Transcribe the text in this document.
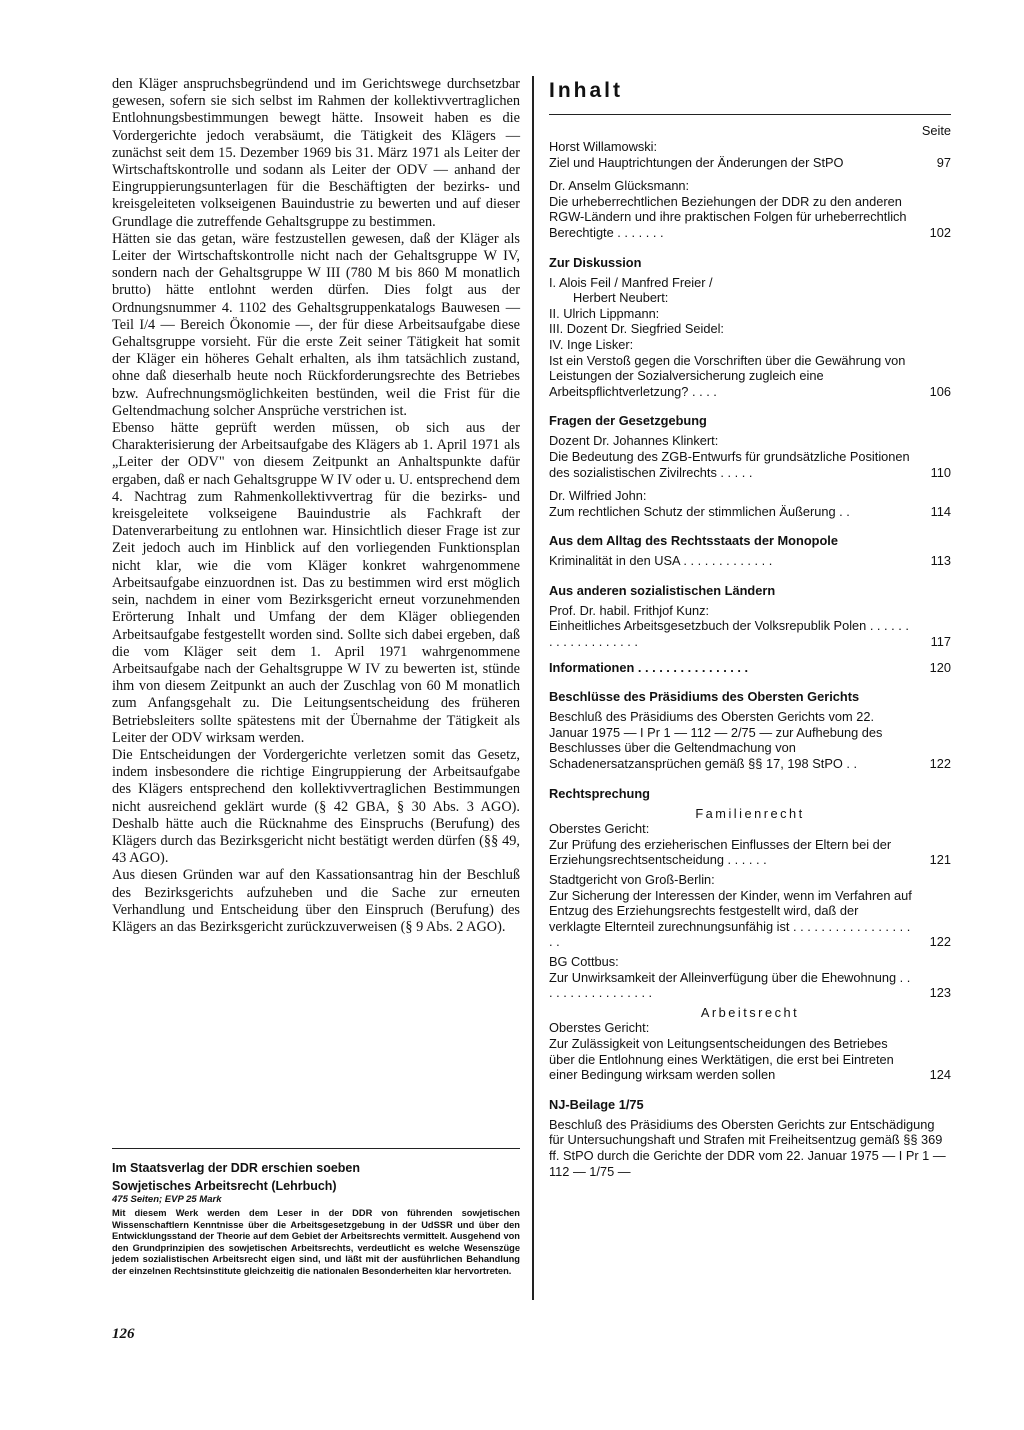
den Kläger anspruchsbegründend und im Gerichtswege durchsetzbar gewesen, sofern sie sich selbst im Rahmen der kollektivvertraglichen Entlohnungsbestimmungen bewegt hätte. Insoweit haben es die Vordergerichte jedoch verabsäumt, die Tätigkeit des Klägers — zunächst seit dem 15. Dezember 1969 bis 31. März 1971 als Leiter der Wirtschaftskontrolle und sodann als Leiter der ODV — anhand der Eingruppierungsunterlagen für die Beschäftigten der bezirks- und kreisgeleiteten volkseigenen Bauindustrie zu bewerten und auf dieser Grundlage die zutreffende Gehaltsgruppe zu bestimmen.

Hätten sie das getan, wäre festzustellen gewesen, daß der Kläger als Leiter der Wirtschaftskontrolle nicht nach der Gehaltsgruppe W IV, sondern nach der Gehaltsgruppe W III (780 M bis 860 M monatlich brutto) hätte entlohnt werden dürfen. Dies folgt aus der Ordnungsnummer 4. 1102 des Gehaltsgruppenkatalogs Bauwesen — Teil I/4 — Bereich Ökonomie —, der für diese Arbeitsaufgabe diese Gehaltsgruppe vorsieht. Für die erste Zeit seiner Tätigkeit hat somit der Kläger ein höheres Gehalt erhalten, als ihm tatsächlich zustand, ohne daß dieserhalb heute noch Rückforderungsrechte des Betriebes bzw. Aufrechnungsmöglichkeiten bestünden, weil die Frist für die Geltendmachung solcher Ansprüche verstrichen ist.

Ebenso hätte geprüft werden müssen, ob sich aus der Charakterisierung der Arbeitsaufgabe des Klägers ab 1. April 1971 als „Leiter der ODV" von diesem Zeitpunkt an Anhaltspunkte dafür ergaben, daß er nach Gehaltsgruppe W IV oder u. U. entsprechend dem 4. Nachtrag zum Rahmenkollektivvertrag für die bezirks- und kreisgeleitete volkseigene Bauindustrie als Fachkraft der Datenverarbeitung zu entlohnen war. Hinsichtlich dieser Frage ist zur Zeit jedoch auch im Hinblick auf den vorliegenden Funktionsplan nicht klar, wie die vom Kläger konkret wahrgenommene Arbeitsaufgabe einzuordnen ist. Das zu bestimmen wird erst möglich sein, nachdem in einer vom Bezirksgericht erneut vorzunehmenden Erörterung Inhalt und Umfang der dem Kläger obliegenden Arbeitsaufgabe festgestellt worden sind. Sollte sich dabei ergeben, daß die vom Kläger seit dem 1. April 1971 wahrgenommene Arbeitsaufgabe nach der Gehaltsgruppe W IV zu bewerten ist, stünde ihm von diesem Zeitpunkt an auch der Zuschlag von 60 M monatlich zum Anfangsgehalt zu. Die Leitungsentscheidung des früheren Betriebsleiters sollte spätestens mit der Übernahme der Tätigkeit als Leiter der ODV wirksam werden.

Die Entscheidungen der Vordergerichte verletzen somit das Gesetz, indem insbesondere die richtige Eingruppierung der Arbeitsaufgabe des Klägers entsprechend den kollektivvertraglichen Bestimmungen nicht ausreichend geklärt wurde (§ 42 GBA, § 30 Abs. 3 AGO). Deshalb hätte auch die Rücknahme des Einspruchs (Berufung) des Klägers durch das Bezirksgericht nicht bestätigt werden dürfen (§§ 49, 43 AGO).

Aus diesen Gründen war auf den Kassationsantrag hin der Beschluß des Bezirksgerichts aufzuheben und die Sache zur erneuten Verhandlung und Entscheidung über den Einspruch (Berufung) des Klägers an das Bezirksgericht zurückzuverweisen (§ 9 Abs. 2 AGO).

Im Staatsverlag der DDR erschien soeben

Sowjetisches Arbeitsrecht (Lehrbuch)

475 Seiten; EVP 25 Mark

Mit diesem Werk werden dem Leser in der DDR von führenden sowjetischen Wissenschaftlern Kenntnisse über die Arbeitsgesetzgebung in der UdSSR und über den Entwicklungsstand der Theorie auf dem Gebiet der Arbeitsrechts vermittelt. Ausgehend von den Grundprinzipien des sowjetischen Arbeitsrechts, verdeutlicht es welche Wesenszüge jedem sozialistischen Arbeitsrecht eigen sind, und läßt mit der ausführlichen Behandlung der einzelnen Rechtsinstitute gleichzeitig die nationalen Besonderheiten klar hervortreten.

126

Inhalt

Seite

Horst Willamowski:

Ziel und Hauptrichtungen der Änderungen der StPO	97

Dr. Anselm Glücksmann:

Die urheberrechtlichen Beziehungen der DDR zu den anderen RGW-Ländern und ihre praktischen Folgen für urheberrechtlich Berechtigte . . . . . . .	102

Zur Diskussion

I. Alois Feil / Manfred Freier /

Herbert Neubert:

II. Ulrich Lippmann:

III. Dozent Dr. Siegfried Seidel:

IV. Inge Lisker:

Ist ein Verstoß gegen die Vorschriften über die Gewährung von Leistungen der Sozialversicherung zugleich eine Arbeitspflichtverletzung? . . . .	106

Fragen der Gesetzgebung

Dozent Dr. Johannes Klinkert:

Die Bedeutung des ZGB-Entwurfs für grundsätzliche Positionen des sozialistischen Zivilrechts . . . . .	110

Dr. Wilfried John:

Zum rechtlichen Schutz der stimmlichen Äußerung . .	114

Aus dem Alltag des Rechtsstaats der Monopole

Kriminalität in den USA . . . . . . . . . . . . .	113

Aus anderen sozialistischen Ländern

Prof. Dr. habil. Frithjof Kunz:

Einheitliches Arbeitsgesetzbuch der Volksrepublik Polen . . . . . . . . . . . . . . . . . . .	117
Informationen . . . . . . . . . . . . . . . .	120

Beschlüsse des Präsidiums des Obersten Gerichts

Beschluß des Präsidiums des Obersten Gerichts vom 22. Januar 1975 — I Pr 1 — 112 — 2/75 — zur Aufhebung des Beschlusses über die Geltendmachung von Schadenersatzansprüchen gemäß §§ 17, 198 StPO . .	122

Rechtsprechung

Familienrecht

Oberstes Gericht:

Zur Prüfung des erzieherischen Einflusses der Eltern bei der Erziehungsrechtsentscheidung . . . . . .	121

Stadtgericht von Groß-Berlin:

Zur Sicherung der Interessen der Kinder, wenn im Verfahren auf Entzug des Erziehungsrechts festgestellt wird, daß der verklagte Elternteil zurechnungsunfähig ist . . . . . . . . . . . . . . . . . . .	122

BG Cottbus:

Zur Unwirksamkeit der Alleinverfügung über die Ehewohnung . . . . . . . . . . . . . . . . .	123

Arbeitsrecht

Oberstes Gericht:

Zur Zulässigkeit von Leitungsentscheidungen des Betriebes über die Entlohnung eines Werktätigen, die erst bei Eintreten einer Bedingung wirksam werden sollen	124

NJ-Beilage 1/75

Beschluß des Präsidiums des Obersten Gerichts zur Entschädigung für Untersuchungshaft und Strafen mit Freiheitsentzug gemäß §§ 369 ff. StPO durch die Gerichte der DDR vom 22. Januar 1975 — I Pr 1 — 112 — 1/75 —
